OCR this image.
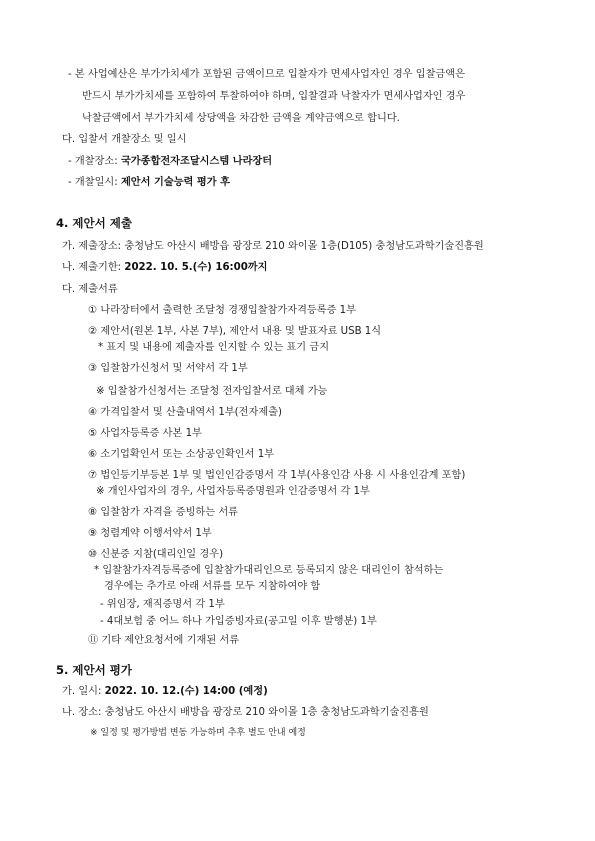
- 본 사업예산은 부가가치세가 포함된 금액이므로 입찰자가 면세사업자인 경우 입찰금액은
반드시 부가가치세를 포함하여 투찰하여야 하며, 입찰결과 낙찰자가 면세사업자인 경우
낙찰금액에서 부가가치세 상당액을 차감한 금액을 계약금액으로 합니다.
다. 입찰서 개찰장소 및 일시
- 개찰장소: 국가종합전자조달시스템 나라장터
- 개찰일시: 제안서 기술능력 평가 후
4. 제안서 제출
가. 제출장소: 충청남도 아산시 배방읍 광장로 210 와이몰 1층(D105) 충청남도과학기술진흥원
나. 제출기한: 2022. 10. 5.(수) 16:00까지
다. 제출서류
① 나라장터에서 출력한 조달청 경쟁입찰참가자격등록증 1부
② 제안서(원본 1부, 사본 7부), 제안서 내용 및 발표자료 USB 1식
* 표지 및 내용에 제출자를 인지할 수 있는 표기 금지
③ 입찰참가신청서 및 서약서 각 1부
※ 입찰참가신청서는 조달청 전자입찰서로 대체 가능
④ 가격입찰서 및 산출내역서 1부(전자제출)
⑤ 사업자등록증 사본 1부
⑥ 소기업확인서 또는 소상공인확인서 1부
⑦ 법인등기부등본 1부 및 법인인감증명서 각 1부(사용인감 사용 시 사용인감계 포함)
※ 개인사업자의 경우, 사업자등록증명원과 인감증명서 각 1부
⑧ 입찰참가 자격을 증빙하는 서류
⑨ 청렴계약 이행서약서 1부
⑩ 신분증 지참(대리인일 경우)
* 입찰참가자격등록증에 입찰참가대리인으로 등록되지 않은 대리인이 참석하는
경우에는 추가로 아래 서류를 모두 지참하여야 함
- 위임장, 재직증명서 각 1부
- 4대보험 중 어느 하나 가입증빙자료(공고일 이후 발행분) 1부
⑪ 기타 제안요청서에 기재된 서류
5. 제안서 평가
가. 일시: 2022. 10. 12.(수) 14:00 (예정)
나. 장소: 충청남도 아산시 배방읍 광장로 210 와이몰 1층 충청남도과학기술진흥원
※ 일정 및 평가방법 변동 가능하며 추후 별도 안내 예정
